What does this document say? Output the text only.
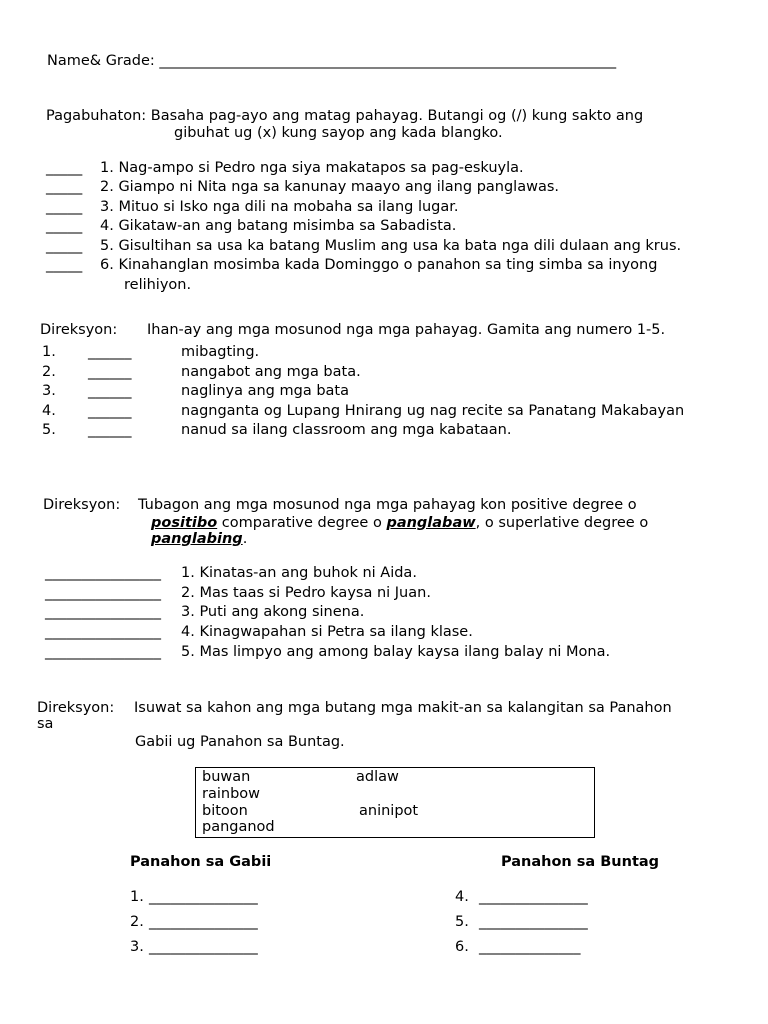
Name& Grade: _______________________________________________________________
Pagabuhaton: Basaha pag-ayo ang matag pahayag. Butangi og (/) kung sakto ang
gibuhat ug (x) kung sayop ang kada blangko.
_____ 1. Nag-ampo si Pedro nga siya makatapos sa pag-eskuyla.
_____ 2. Giampo ni Nita nga sa kanunay maayo ang ilang panglawas.
_____ 3. Mituo si Isko nga dili na mobaha sa ilang lugar.
_____ 4. Gikataw-an ang batang misimba sa Sabadista.
_____ 5. Gisultihan sa usa ka batang Muslim ang usa ka bata nga dili dulaan ang krus.
_____ 6. Kinahanglan mosimba kada Dominggo o panahon sa ting simba sa inyong
relihiyon.
Direksyon: Ihan-ay ang mga mosunod nga mga pahayag. Gamita ang numero 1-5.
1. ______	mibagting.
2. ______	nangabot ang mga bata.
3. ______	naglinya ang mga bata
4. ______	nagnganta og Lupang Hnirang ug nag recite sa Panatang Makabayan
5. ______	nanud sa ilang classroom ang mga kabataan.
Direksyon: Tubagon ang mga mosunod nga mga pahayag kon positive degree o
positibo comparative degree o panglabaw, o superlative degree o
panglabing.
________________ 1. Kinatas-an ang buhok ni Aida.
________________ 2. Mas taas si Pedro kaysa ni Juan.
________________ 3. Puti ang akong sinena.
________________ 4. Kinagwapahan si Petra sa ilang klase.
________________ 5. Mas limpyo ang among balay kaysa ilang balay ni Mona.
Direksyon: Isuwat sa kahon ang mga butang mga makit-an sa kalangitan sa Panahon
sa
Gabii ug Panahon sa Buntag.
buwan	adlaw
rainbow
bitoon	aninipot
panganod
Panahon sa Gabii	Panahon sa Buntag
1. _______________
2. _______________
3. _______________
4. _______________
5. _______________
6. ______________
